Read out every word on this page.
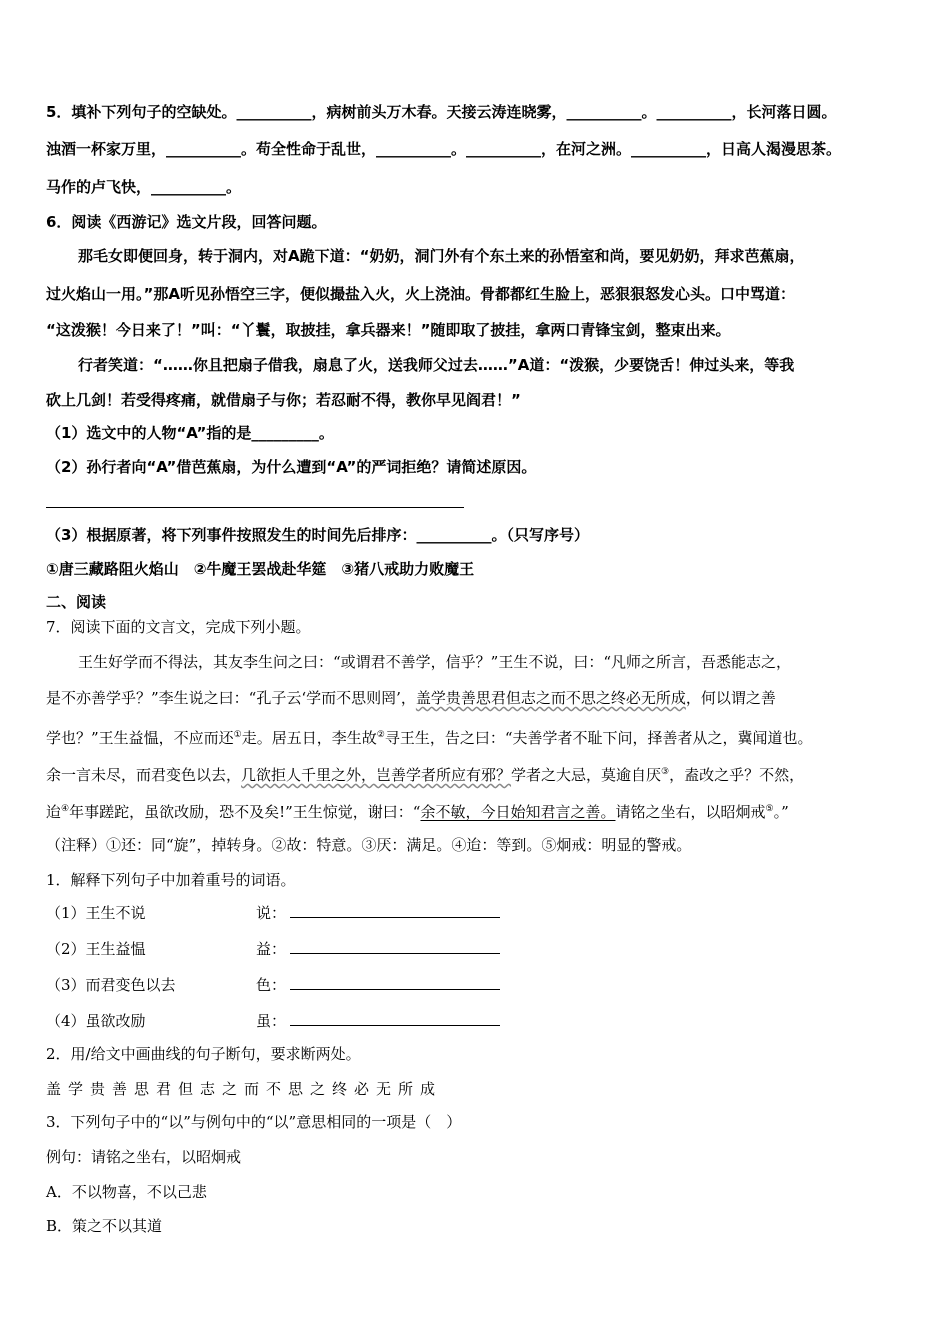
5．填补下列句子的空缺处。__________，病树前头万木春。天接云涛连晓雾，__________。__________，长河落日圆。
浊酒一杯家万里，__________。苟全性命于乱世，__________。__________，在河之洲。__________，日高人渴漫思茶。
马作的卢飞快，__________。
6．阅读《西游记》选文片段，回答问题。
那毛女即便回身，转于洞内，对A跪下道：“奶奶，洞门外有个东土来的孙悟室和尚，要见奶奶，拜求芭蕉扇，
过火焰山一用。”那A听见孙悟空三字，便似撮盐入火，火上浇油。骨都都红生脸上，恶狠狠怒发心头。口中骂道：
“这泼猴！今日来了！”叫：“丫鬟，取披挂，拿兵器来！”随即取了披挂，拿两口青锋宝剑，整束出来。
行者笑道：“……你且把扇子借我，扇息了火，送我师父过去……”A道：“泼猴，少要饶舌！伸过头来，等我
砍上几剑！若受得疼痛，就借扇子与你；若忍耐不得，教你早见阎君！”
（1）选文中的人物“A”指的是_________。
（2）孙行者向“A”借芭蕉扇，为什么遭到“A”的严词拒绝？请简述原因。
（3）根据原著，将下列事件按照发生的时间先后排序：__________。（只写序号）
①唐三藏路阻火焰山　②牛魔王罢战赴华筵　③猪八戒助力败魔王
二、阅读
7．阅读下面的文言文，完成下列小题。
王生好学而不得法，其友李生问之曰：“或谓君不善学，信乎？”王生不说，曰：“凡师之所言，吾悉能志之，
是不亦善学乎？”李生说之曰：“孔子云‘学而不思则罔’，盖学贵善思君但志之而不思之终必无所成，何以谓之善
学也？”王生益愠，不应而还①走。居五日，李生故②寻王生，告之曰：“夫善学者不耻下问，择善者从之，冀闻道也。
余一言未尽，而君变色以去，几欲拒人千里之外，岂善学者所应有邪？学者之大忌，莫逾自厌③，盍改之乎？不然，
迨④年事蹉跎，虽欲改励，恐不及矣!”王生惊觉，谢曰：“余不敏，今日始知君言之善。请铭之坐右，以昭炯戒⑤。”
（注释）①还：同“旋”，掉转身。②故：特意。③厌：满足。④迨：等到。⑤炯戒：明显的警戒。
1．解释下列句子中加着重号的词语。
2．用/给文中画曲线的句子断句，要求断两处。
盖学贵善思君但志之而不思之终必无所成
3．下列句子中的“以”与例句中的“以”意思相同的一项是（　）
例句：请铭之坐右，以昭炯戒
A．不以物喜，不以己悲
B．策之不以其道
（1）王生不说	说：
（2）王生益愠	益：
（3）而君变色以去	色：
（4）虽欲改励	虽：
